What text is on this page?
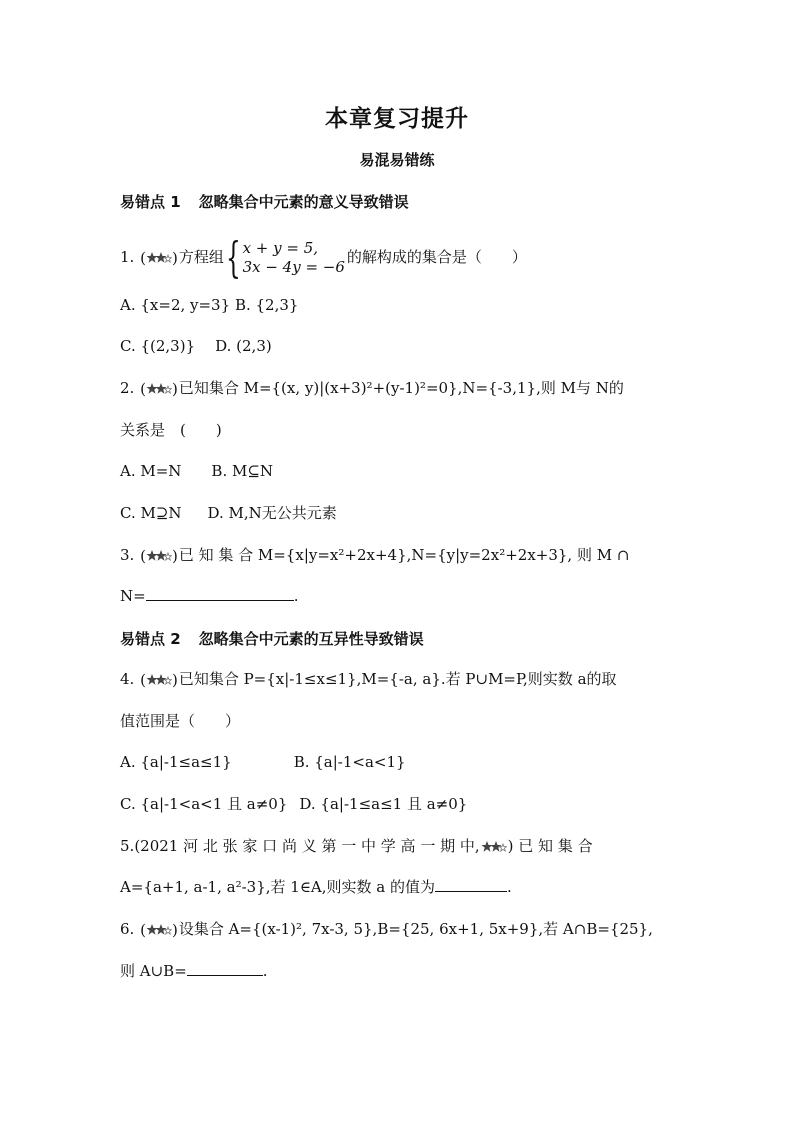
本章复习提升
易混易错练
易错点 1 忽略集合中元素的意义导致错误
1. ( )方程组 { x + y = 5,
3x − 4y = −6
的解构成的集合是（　　）
A. {x=2, y=3} B. {2,3}
C. {(2,3)} D. (2,3)
2. ( )已知集合 M={(x, y)|(x+3)²+(y-1)²=0},N={-3,1},则 M与 N的
关系是　(　　)
A. M=N B. M⊆N
C. M⊇N D. M,N无公共元素
3. ( )已 知 集 合 M={x|y=x²+2x+4},N={y|y=2x²+2x+3}, 则 M ∩
N=	.
易错点 2 忽略集合中元素的互异性导致错误
4. ( )已知集合 P={x|-1≤x≤1},M={-a, a}.若 P∪M=P,则实数 a的取
值范围是（　　）
A. {a|-1≤a≤1}	B. {a|-1<a<1}
C. {a|-1<a<1 且 a≠0} D. {a|-1≤a≤1 且 a≠0}
5.(2021 河 北 张 家 口 尚 义 第 一 中 学 高 一 期 中, ) 已 知 集 合
A={a+1, a-1, a²-3},若 1∈A,则实数 a 的值为	.
6. ( )设集合 A={(x-1)², 7x-3, 5},B={25, 6x+1, 5x+9},若 A∩B={25},
则 A∪B=	.
